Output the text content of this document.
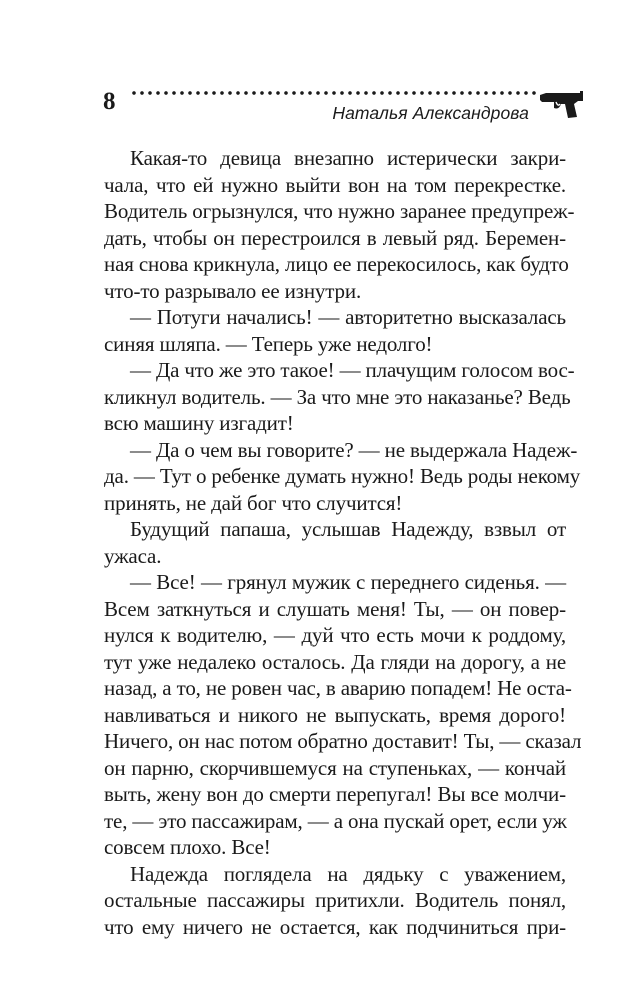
8	Наталья Александрова
Какая-то девица внезапно истерически закри-
чала, что ей нужно выйти вон на том перекрестке.
Водитель огрызнулся, что нужно заранее предупреж-
дать, чтобы он перестроился в левый ряд. Беремен-
ная снова крикнула, лицо ее перекосилось, как будто
что-то разрывало ее изнутри.
— Потуги начались! — авторитетно высказалась
синяя шляпа. — Теперь уже недолго!
— Да что же это такое! — плачущим голосом вос-
кликнул водитель. — За что мне это наказанье? Ведь
всю машину изгадит!
— Да о чем вы говорите? — не выдержала Надеж-
да. — Тут о ребенке думать нужно! Ведь роды некому
принять, не дай бог что случится!
Будущий папаша, услышав Надежду, взвыл от
ужаса.
— Все! — грянул мужик с переднего сиденья. —
Всем заткнуться и слушать меня! Ты, — он повер-
нулся к водителю, — дуй что есть мочи к роддому,
тут уже недалеко осталось. Да гляди на дорогу, а не
назад, а то, не ровен час, в аварию попадем! Не оста-
навливаться и никого не выпускать, время дорого!
Ничего, он нас потом обратно доставит! Ты, — сказал
он парню, скорчившемуся на ступеньках, — кончай
выть, жену вон до смерти перепугал! Вы все молчи-
те, — это пассажирам, — а она пускай орет, если уж
совсем плохо. Все!
Надежда поглядела на дядьку с уважением,
остальные пассажиры притихли. Водитель понял,
что ему ничего не остается, как подчиниться при-
